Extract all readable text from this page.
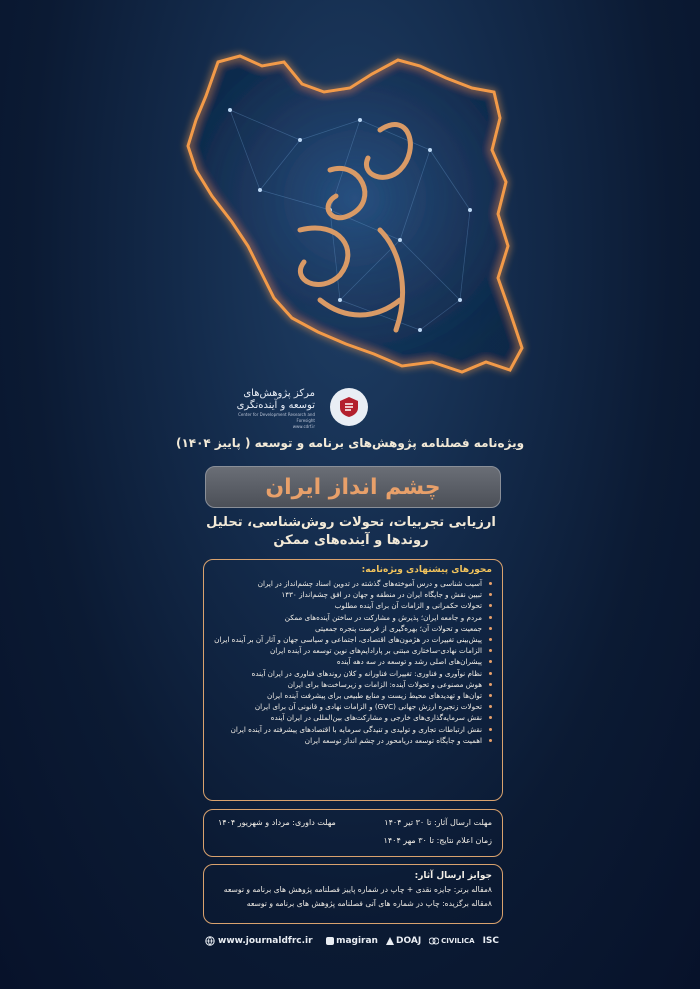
مرکز پژوهش‌های
توسعه و آینده‌نگری
Center for Development Research and Foresight
www.cdrf.ir
ویژه‌نامه فصلنامه پژوهش‌های برنامه و توسعه ( پاییز ۱۴۰۴)
چشم انداز ایران
ارزیابی تجربیات، تحولات روش‌شناسی، تحلیل
روندها و آینده‌های ممکن
محورهای پیشنهادی ویژه‌نامه:
آسیب شناسی و درس آموخته‌های گذشته در تدوین اسناد چشم‌انداز در ایران
تبیین نقش و جایگاه ایران در منطقه و جهان در افق چشم‌انداز ۱۴۳۰
تحولات حکمرانی و الزامات آن برای آینده مطلوب
مردم و جامعه ایران؛ پذیرش و مشارکت در ساختن آینده‌های ممکن
جمعیت و تحولات آن؛ بهره‌گیری از فرصت پنجره جمعیتی
پیش‌بینی تغییرات در هژمون‌های اقتصادی، اجتماعی و سیاسی جهان و آثار آن بر آینده ایران
الزامات نهادی-ساختاری مبتنی بر پارادایم‌های نوین توسعه در آینده ایران
پیشران‌های اصلی رشد و توسعه در سه دهه آینده
نظام نوآوری و فناوری: تغییرات فناورانه و کلان روندهای فناوری در ایران آینده
هوش مصنوعی و تحولات آینده: الزامات و زیرساخت‌ها برای ایران
توان‌ها و تهدیدهای محیط زیست و منابع طبیعی برای پیشرفت آینده ایران
تحولات زنجیره ارزش جهانی (GVC) و الزامات نهادی و قانونی آن برای ایران
نقش سرمایه‌گذاری‌های خارجی و مشارکت‌های بین‌المللی در ایران آینده
نقش ارتباطات تجاری و تولیدی و تنیدگی سرمایه با اقتصادهای پیشرفته در آینده ایران
اهمیت و جایگاه توسعه دریامحور در چشم انداز توسعه ایران
مهلت ارسال آثار: تا ۳۰ تیر ۱۴۰۴
مهلت داوری: مرداد و شهریور ۱۴۰۴
زمان اعلام نتایج: تا ۳۰ مهر ۱۴۰۴
جوایز ارسال آثار:

۸مقاله برتر: جایزه نقدی + چاپ در شماره پاییز فصلنامه پژوهش های برنامه و توسعه

۸مقاله برگزیده: چاپ در شماره های آتی فصلنامه پژوهش های برنامه و توسعه

www.journaldfrc.ir	magiran DOAJ	CIVILICA ISC
